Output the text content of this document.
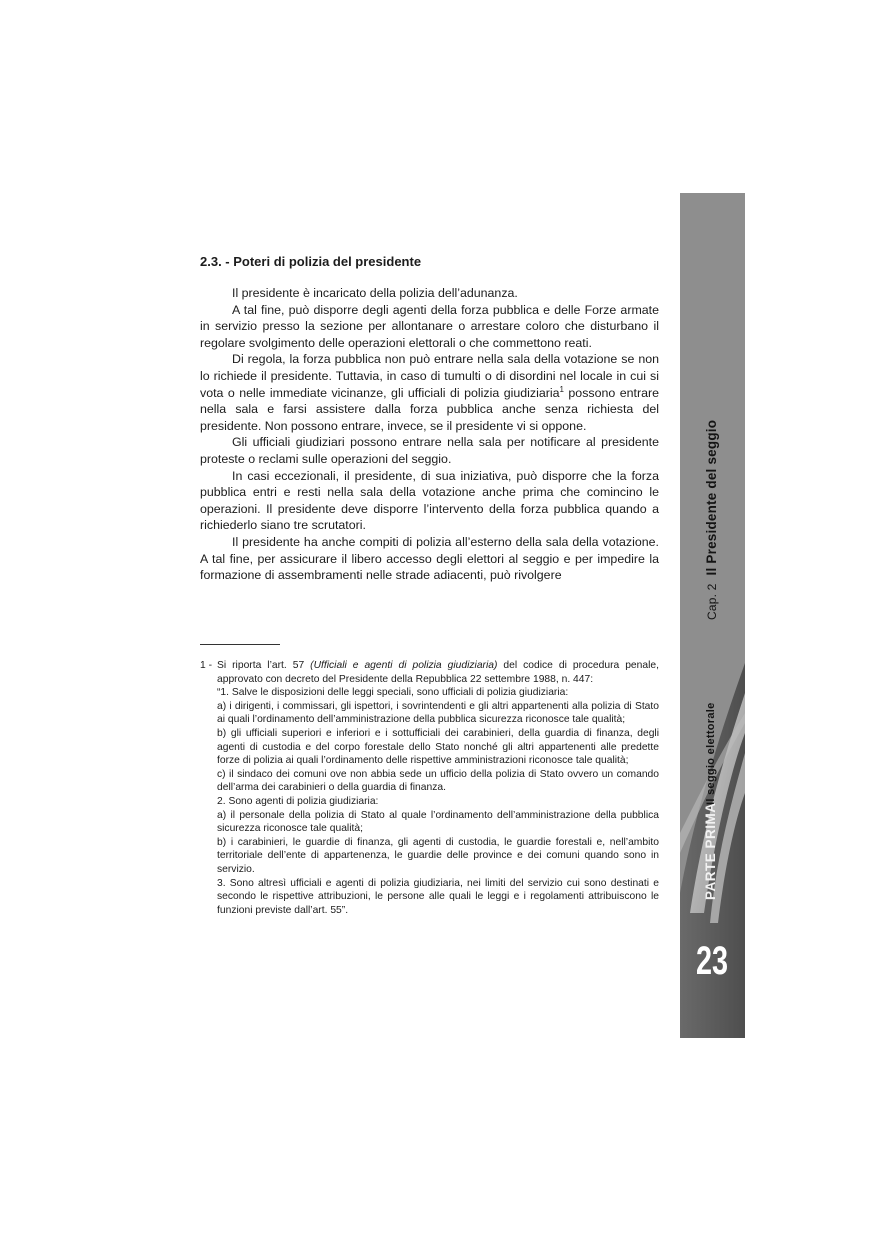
2.3. - Poteri di polizia del presidente

Il presidente è incaricato della polizia dell’adunanza.

A tal fine, può disporre degli agenti della forza pubblica e delle Forze armate in servizio presso la sezione per allontanare o arrestare coloro che disturbano il regolare svolgimento delle operazioni elettorali o che commettono reati.

Di regola, la forza pubblica non può entrare nella sala della votazione se non lo richiede il presidente. Tuttavia, in caso di tumulti o di disordini nel locale in cui si vota o nelle immediate vicinanze, gli ufficiali di polizia giudiziaria$^1$ possono entrare nella sala e farsi assistere dalla forza pubblica anche senza richiesta del presidente. Non possono entrare, invece, se il presidente vi si oppone.

Gli ufficiali giudiziari possono entrare nella sala per notificare al presidente proteste o reclami sulle operazioni del seggio.

In casi eccezionali, il presidente, di sua iniziativa, può disporre che la forza pubblica entri e resti nella sala della votazione anche prima che comincino le operazioni. Il presidente deve disporre l’intervento della forza pubblica quando a richiederlo siano tre scrutatori.

Il presidente ha anche compiti di polizia all’esterno della sala della votazione. A tal fine, per assicurare il libero accesso degli elettori al seggio e per impedire la formazione di assembramenti nelle strade adiacenti, può rivolgere

1 - Si riporta l’art. 57 (Ufficiali e agenti di polizia giudiziaria) del codice di procedura penale, approvato con decreto del Presidente della Repubblica 22 settembre 1988, n. 447:

“1. Salve le disposizioni delle leggi speciali, sono ufficiali di polizia giudiziaria:

a) i dirigenti, i commissari, gli ispettori, i sovrintendenti e gli altri appartenenti alla polizia di Stato ai quali l’ordinamento dell’amministrazione della pubblica sicurezza riconosce tale qualità;

b) gli ufficiali superiori e inferiori e i sottufficiali dei carabinieri, della guardia di finanza, degli agenti di custodia e del corpo forestale dello Stato nonché gli altri appartenenti alle predette forze di polizia ai quali l’ordinamento delle rispettive amministrazioni riconosce tale qualità;

c) il sindaco dei comuni ove non abbia sede un ufficio della polizia di Stato ovvero un comando dell’arma dei carabinieri o della guardia di finanza.

2. Sono agenti di polizia giudiziaria:

a) il personale della polizia di Stato al quale l’ordinamento dell’amministrazione della pubblica sicurezza riconosce tale qualità;

b) i carabinieri, le guardie di finanza, gli agenti di custodia, le guardie forestali e, nell’ambito territoriale dell’ente di appartenenza, le guardie delle province e dei comuni quando sono in servizio.

3. Sono altresì ufficiali e agenti di polizia giudiziaria, nei limiti del servizio cui sono destinati e secondo le rispettive attribuzioni, le persone alle quali le leggi e i regolamenti attribuiscono le funzioni previste dall’art. 55”.

Cap. 2Il Presidente del seggio
Il seggio elettorale
PARTE PRIMA
23
